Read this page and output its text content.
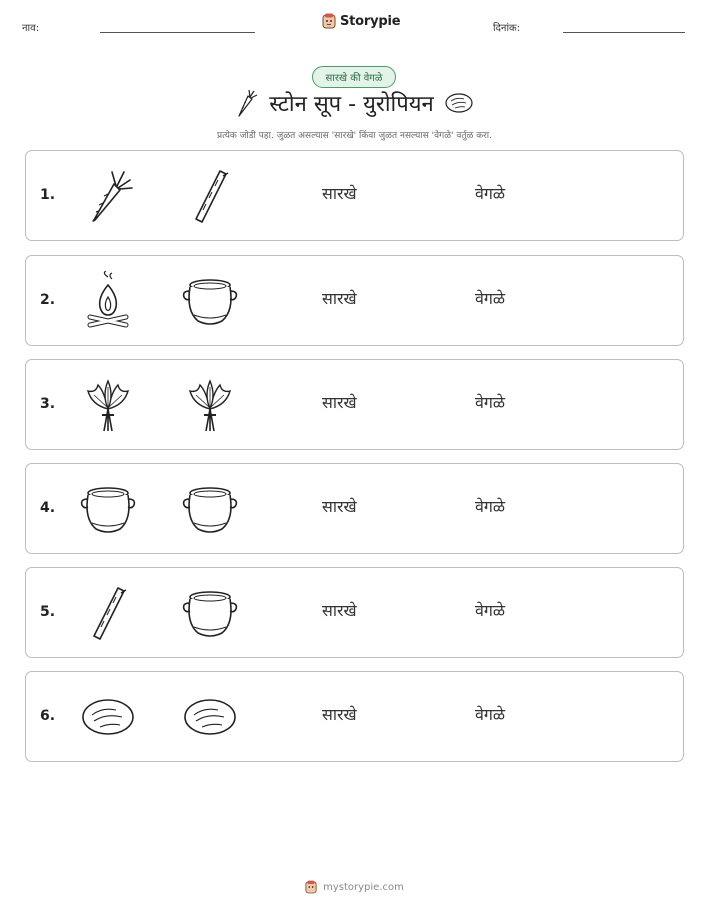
नाव:	Storypie	दिनांक:
सारखे की वेगळे
स्टोन सूप - युरोपियन
प्रत्येक जोडी पहा. जुळत असल्यास 'सारखे' किंवा जुळत नसल्यास 'वेगळे' वर्तुळ करा.
1.	सारखे	वेगळे
2.	सारखे	वेगळे
3.	सारखे	वेगळे
4.	सारखे	वेगळे
5.	सारखे	वेगळे
6.	सारखे	वेगळे
mystorypie.com
